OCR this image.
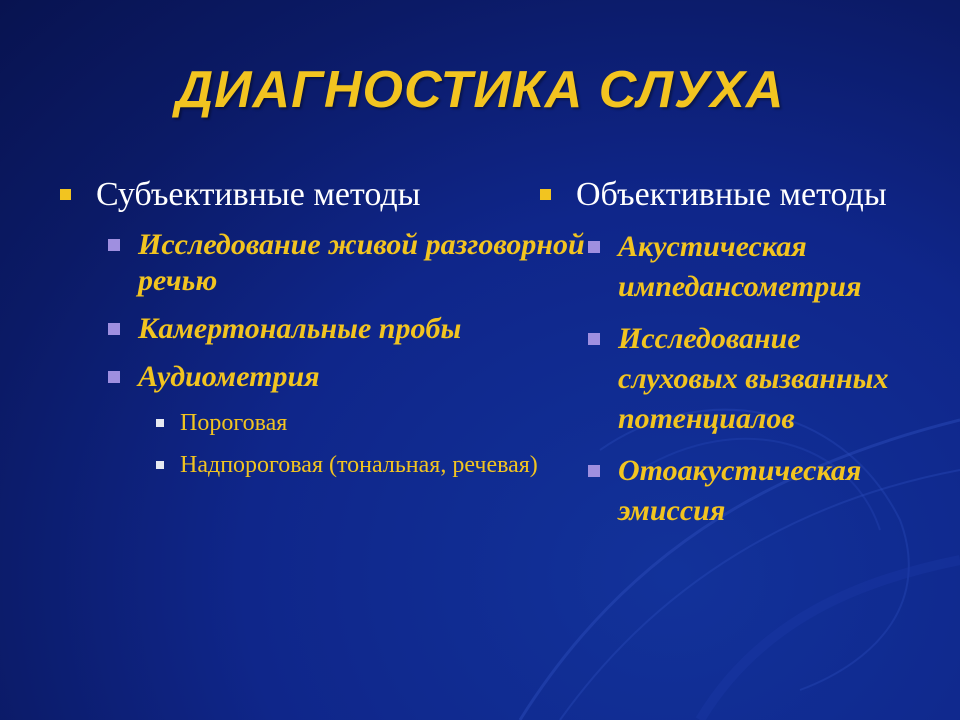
ДИАГНОСТИКА СЛУХА
Субъективные методы
Исследование живой разговорной речью
Камертональные пробы
Аудиометрия
Пороговая
Надпороговая (тональная, речевая)
Объективные методы
Акустическая импедансометрия
Исследование слуховых вызванных потенциалов
Отоакустическая эмиссия
